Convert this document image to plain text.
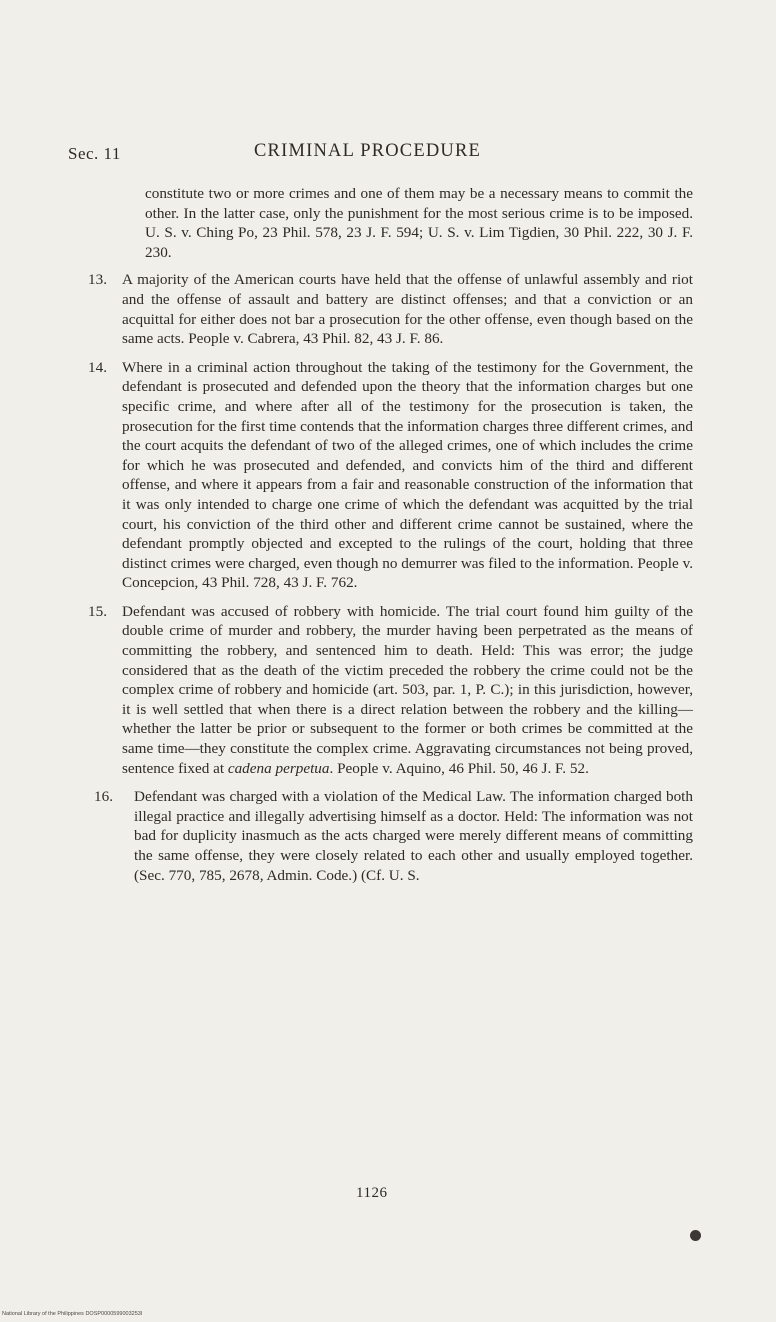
Sec. 11	CRIMINAL PROCEDURE

constitute two or more crimes and one of them may be a necessary means to commit the other. In the latter case, only the punishment for the most serious crime is to be imposed. U. S. v. Ching Po, 23 Phil. 578, 23 J. F. 594; U. S. v. Lim Tigdien, 30 Phil. 222, 30 J. F. 230.

13. A majority of the American courts have held that the offense of unlawful assembly and riot and the offense of assault and battery are distinct offenses; and that a conviction or an acquittal for either does not bar a prosecution for the other offense, even though based on the same acts. People v. Cabrera, 43 Phil. 82, 43 J. F. 86.
14. Where in a criminal action throughout the taking of the testimony for the Government, the defendant is prosecuted and defended upon the theory that the information charges but one specific crime, and where after all of the testimony for the prosecution is taken, the prosecution for the first time contends that the information charges three different crimes, and the court acquits the defendant of two of the alleged crimes, one of which includes the crime for which he was prosecuted and defended, and convicts him of the third and different offense, and where it appears from a fair and reasonable construction of the information that it was only intended to charge one crime of which the defendant was acquitted by the trial court, his conviction of the third other and different crime cannot be sustained, where the defendant promptly objected and excepted to the rulings of the court, holding that three distinct crimes were charged, even though no demurrer was filed to the information. People v. Concepcion, 43 Phil. 728, 43 J. F. 762.
15. Defendant was accused of robbery with homicide. The trial court found him guilty of the double crime of murder and robbery, the murder having been perpetrated as the means of committing the robbery, and sentenced him to death. Held: This was error; the judge considered that as the death of the victim preceded the robbery the crime could not be the complex crime of robbery and homicide (art. 503, par. 1, P. C.); in this jurisdiction, however, it is well settled that when there is a direct relation between the robbery and the killing—whether the latter be prior or subsequent to the former or both crimes be committed at the same time—they constitute the complex crime. Aggravating circumstances not being proved, sentence fixed at cadena perpetua. People v. Aquino, 46 Phil. 50, 46 J. F. 52.
16. Defendant was charged with a violation of the Medical Law. The information charged both illegal practice and illegally advertising himself as a doctor. Held: The information was not bad for duplicity inasmuch as the acts charged were merely different means of committing the same offense, they were closely related to each other and usually employed together. (Sec. 770, 785, 2678, Admin. Code.) (Cf. U. S.
1126
National Library of the Philippines DOSP0000599003253I
